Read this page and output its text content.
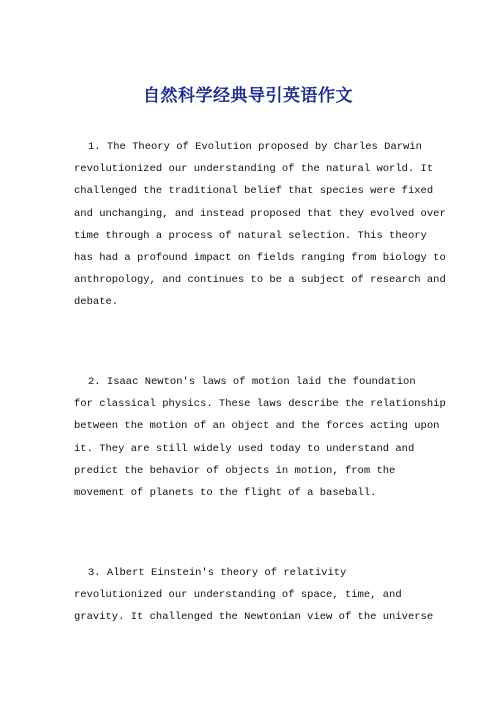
自然科学经典导引英语作文
1. The Theory of Evolution proposed by Charles Darwin
revolutionized our understanding of the natural world. It
challenged the traditional belief that species were fixed
and unchanging, and instead proposed that they evolved over
time through a process of natural selection. This theory
has had a profound impact on fields ranging from biology to
anthropology, and continues to be a subject of research and
debate.
2. Isaac Newton's laws of motion laid the foundation
for classical physics. These laws describe the relationship
between the motion of an object and the forces acting upon
it. They are still widely used today to understand and
predict the behavior of objects in motion, from the
movement of planets to the flight of a baseball.
3. Albert Einstein's theory of relativity
revolutionized our understanding of space, time, and
gravity. It challenged the Newtonian view of the universe
